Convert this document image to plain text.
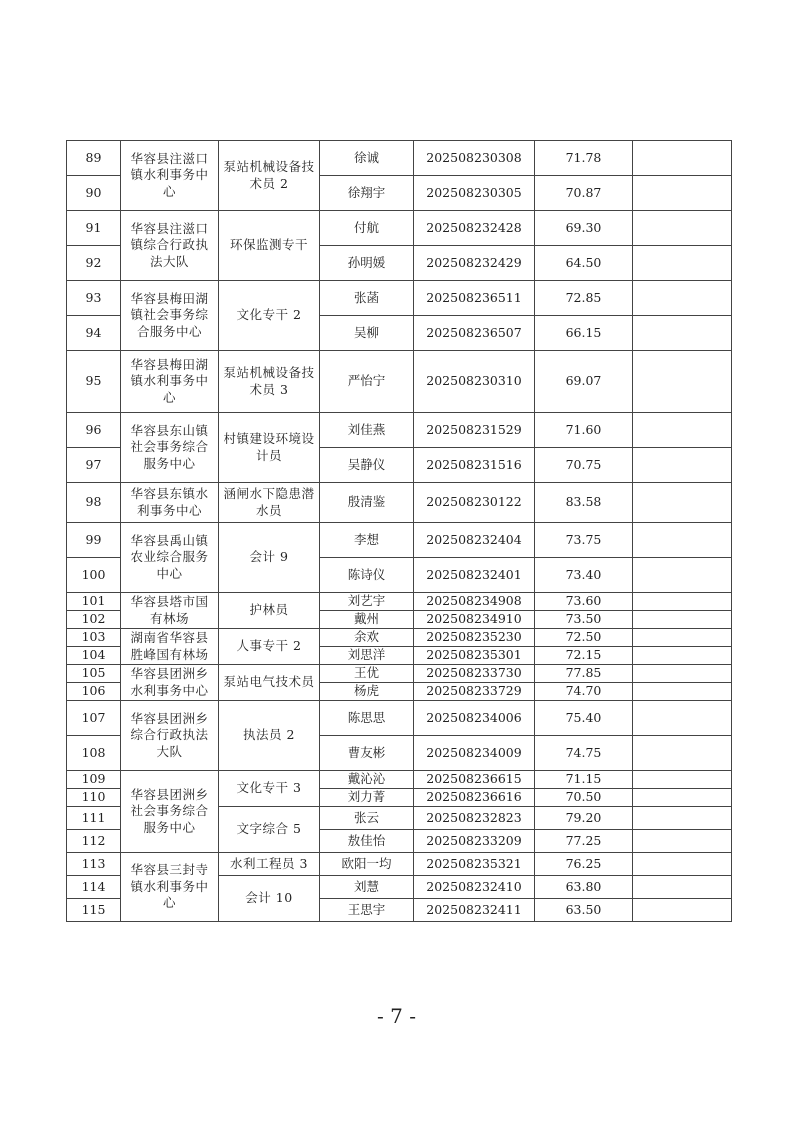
89	华容县注滋口镇水利事务中心	泵站机械设备技术员 2	徐诚	202508230308	71.78	
90			徐翔宇	202508230305	70.87	
91	华容县注滋口镇综合行政执法大队	环保监测专干	付航	202508232428	69.30	
92			孙明媛	202508232429	64.50	
93	华容县梅田湖镇社会事务综合服务中心	文化专干 2	张菡	202508236511	72.85	
94			吴柳	202508236507	66.15	
95	华容县梅田湖镇水利事务中心	泵站机械设备技术员 3	严怡宁	202508230310	69.07	
96	华容县东山镇社会事务综合服务中心	村镇建设环境设计员	刘佳燕	202508231529	71.60	
97			吴静仪	202508231516	70.75	
98	华容县东镇水利事务中心	涵闸水下隐患潜水员	殷清鉴	202508230122	83.58	
99	华容县禹山镇农业综合服务中心	会计 9	李想	202508232404	73.75	
100			陈诗仪	202508232401	73.40	
101	华容县塔市国有林场	护林员	刘艺宇	202508234908	73.60	
102			戴州	202508234910	73.50	
103	湖南省华容县胜峰国有林场	人事专干 2	余欢	202508235230	72.50	
104			刘思洋	202508235301	72.15	
105	华容县团洲乡水利事务中心	泵站电气技术员	王优	202508233730	77.85	
106			杨虎	202508233729	74.70	
107	华容县团洲乡综合行政执法大队	执法员 2	陈思思	202508234006	75.40	
108			曹友彬	202508234009	74.75	
109	华容县团洲乡社会事务综合服务中心	文化专干 3	戴沁沁	202508236615	71.15	
110			刘力菁	202508236616	70.50	
111		文字综合 5	张云	202508232823	79.20	
112			敖佳怡	202508233209	77.25	
113	华容县三封寺镇水利事务中心	水利工程员 3	欧阳一均	202508235321	76.25	
114		会计 10	刘慧	202508232410	63.80	
115			王思宇	202508232411	63.50	
- 7 -
